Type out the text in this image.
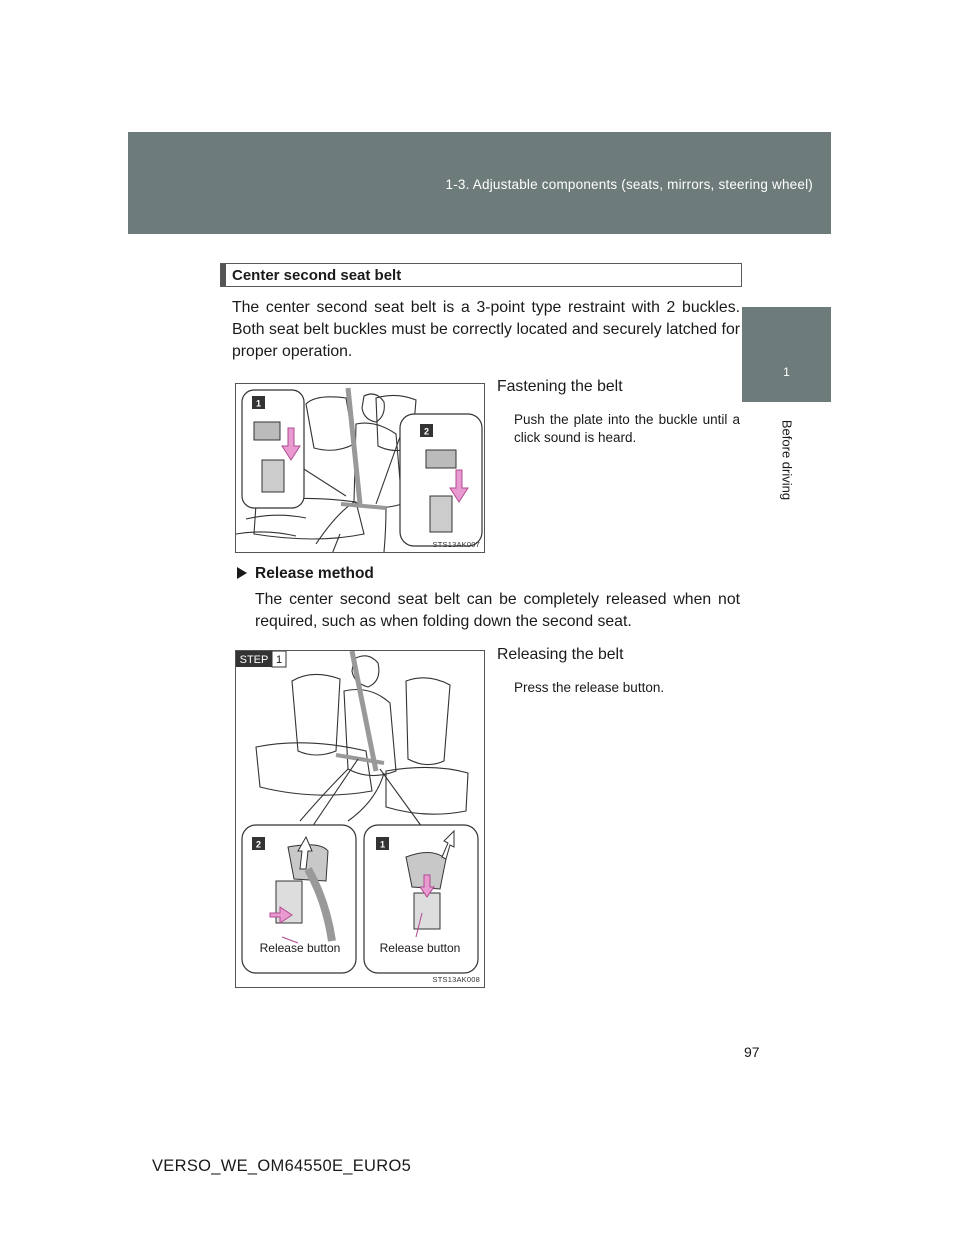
1-3. Adjustable components (seats, mirrors, steering wheel)
1
Before driving
Center second seat belt
The center second seat belt is a 3-point type restraint with 2 buckles. Both seat belt buckles must be correctly located and securely latched for proper operation.
1
2
STS13AK007
Fastening the belt
Push the plate into the buckle until a click sound is heard.
Release method
The center second seat belt can be completely released when not required, such as when folding down the second seat.
2	1
STEP 1
Release button	Release button
STS13AK008
Releasing the belt
Press the release button.
97
VERSO_WE_OM64550E_EURO5
